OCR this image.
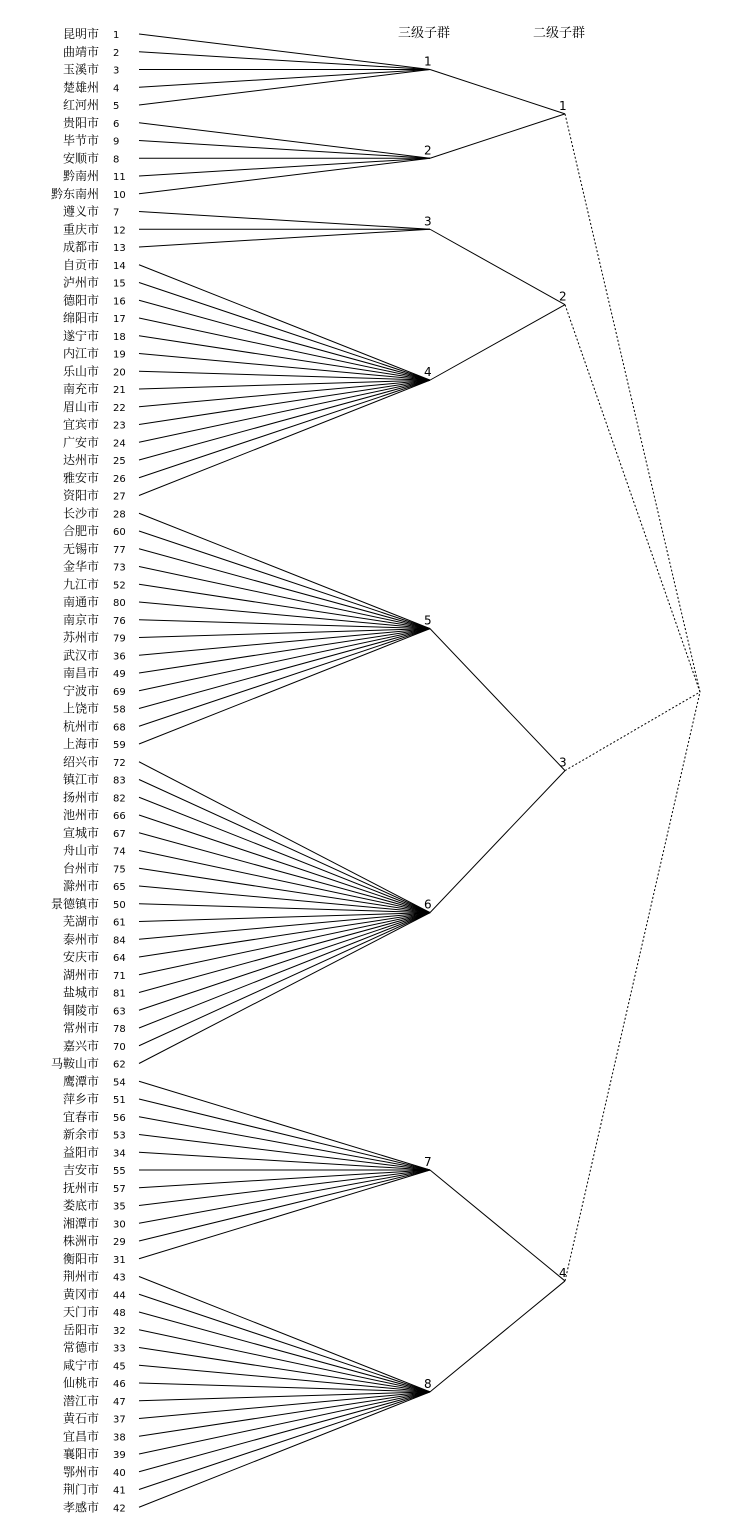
昆明市 1
曲靖市 2
玉溪市 3
楚雄州 4
红河州 5
贵阳市 6
毕节市 9
安顺市 8
黔南州 11
黔东南州 10
遵义市 7
重庆市 12
成都市 13
自贡市 14
泸州市 15
德阳市 16
绵阳市 17
遂宁市 18
内江市 19
乐山市 20
南充市 21
眉山市 22
宜宾市 23
广安市 24
达州市 25
雅安市 26
资阳市 27
长沙市 28
合肥市 60
无锡市 77
金华市 73
九江市 52
南通市 80
南京市 76
苏州市 79
武汉市 36
南昌市 49
宁波市 69
上饶市 58
杭州市 68
上海市 59
绍兴市 72
镇江市 83
扬州市 82
池州市 66
宣城市 67
舟山市 74
台州市 75
滁州市 65
景德镇市 50
芜湖市 61
泰州市 84
安庆市 64
湖州市 71
盐城市 81
铜陵市 63
常州市 78
嘉兴市 70
马鞍山市 62
鹰潭市 54
萍乡市 51
宜春市 56
新余市 53
益阳市 34
吉安市 55
抚州市 57
娄底市 35
湘潭市 30
株洲市 29
衡阳市 31
荆州市 43
黄冈市 44
天门市 48
岳阳市 32
常德市 33
咸宁市 45
仙桃市 46
潜江市 47
黄石市 37
宜昌市 38
襄阳市 39
鄂州市 40
荆门市 41
孝感市 42
1
2
3
4
5
6
7
8
1
2
3
4
三级子群	二级子群
